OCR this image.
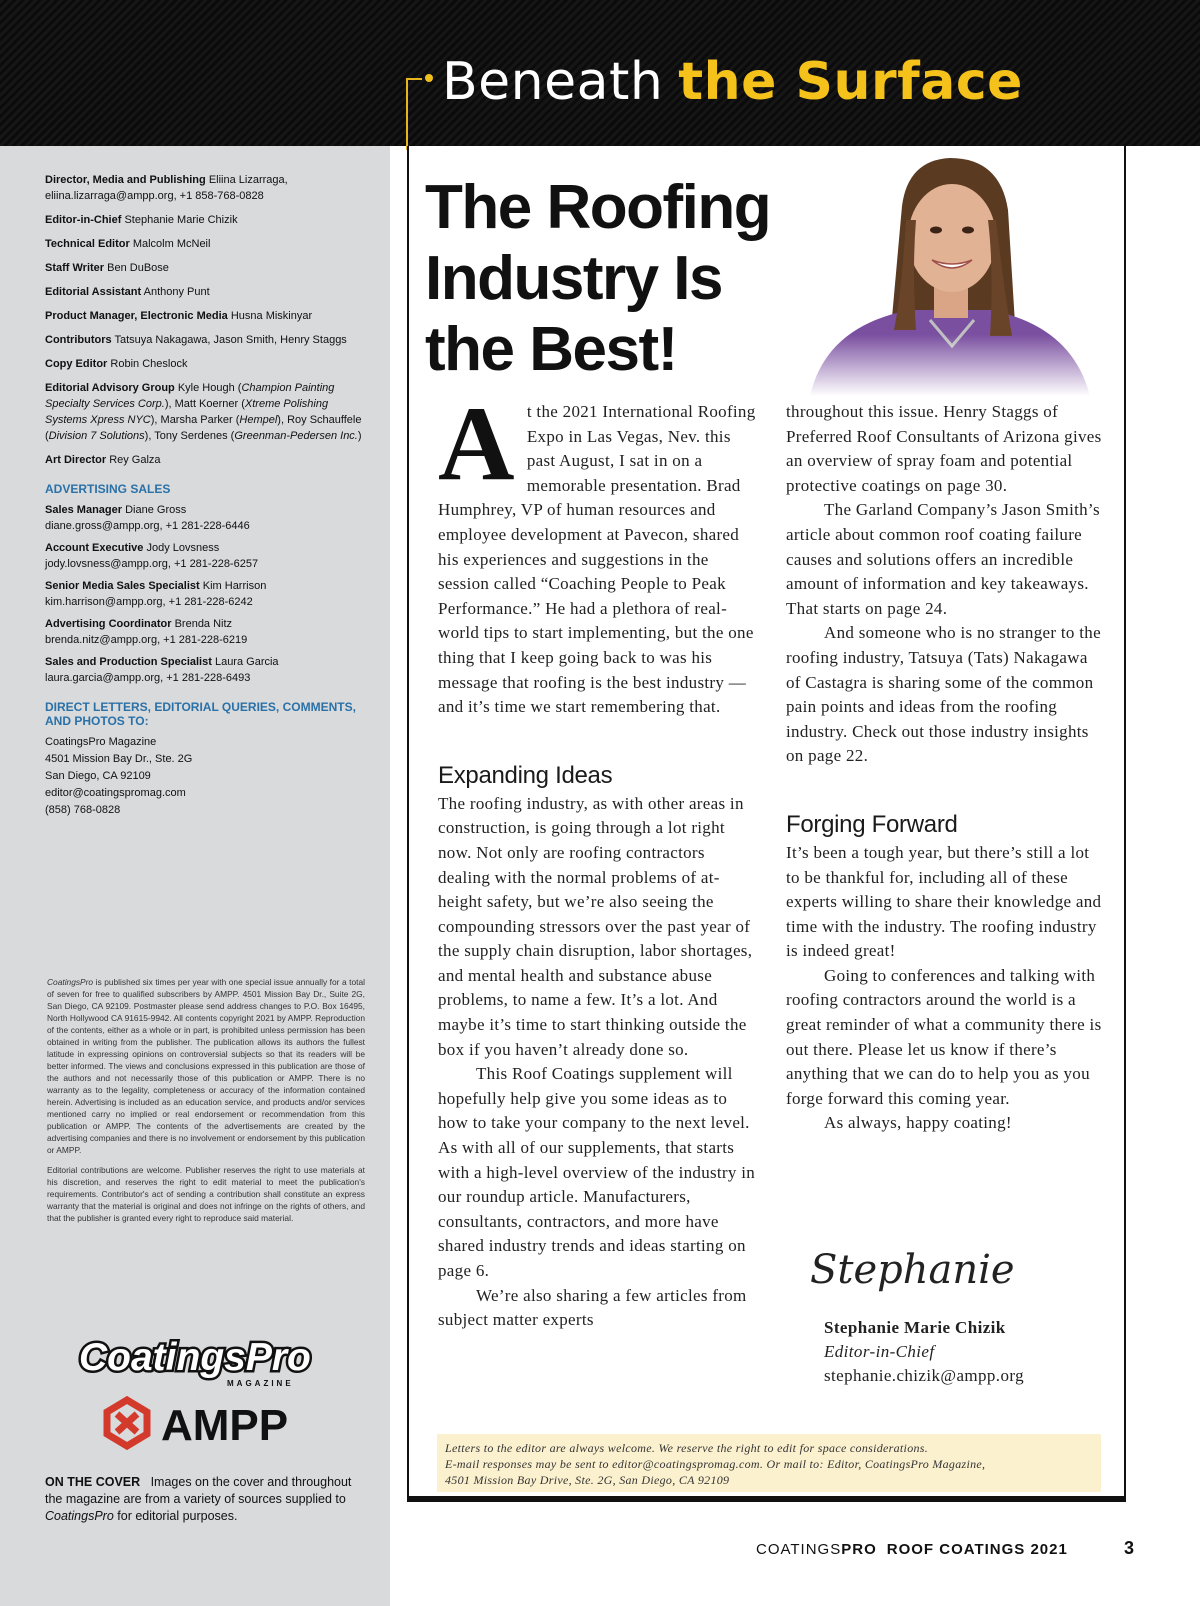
Beneath the Surface
Director, Media and Publishing Eliina Lizarraga,
eliina.lizarraga@ampp.org, +1 858-768-0828
Editor-in-Chief Stephanie Marie Chizik
Technical Editor Malcolm McNeil
Staff Writer Ben DuBose
Editorial Assistant Anthony Punt
Product Manager, Electronic Media Husna Miskinyar
Contributors Tatsuya Nakagawa, Jason Smith, Henry Staggs
Copy Editor Robin Cheslock
Editorial Advisory Group Kyle Hough (Champion Painting Specialty Services Corp.), Matt Koerner (Xtreme Polishing Systems Xpress NYC), Marsha Parker (Hempel), Roy Schauffele (Division 7 Solutions), Tony Serdenes (Greenman-Pedersen Inc.)
Art Director Rey Galza
ADVERTISING SALES
Sales Manager Diane Gross
diane.gross@ampp.org, +1 281-228-6446
Account Executive Jody Lovsness
jody.lovsness@ampp.org, +1 281-228-6257
Senior Media Sales Specialist Kim Harrison
kim.harrison@ampp.org, +1 281-228-6242
Advertising Coordinator Brenda Nitz
brenda.nitz@ampp.org, +1 281-228-6219
Sales and Production Specialist Laura Garcia
laura.garcia@ampp.org, +1 281-228-6493
DIRECT LETTERS, EDITORIAL QUERIES, COMMENTS, AND PHOTOS TO:
CoatingsPro Magazine
4501 Mission Bay Dr., Ste. 2G
San Diego, CA 92109
editor@coatingspromag.com
(858) 768-0828

CoatingsPro is published six times per year with one special issue annually for a total of seven for free to qualified subscribers by AMPP. 4501 Mission Bay Dr., Suite 2G, San Diego, CA 92109. Postmaster please send address changes to P.O. Box 16495, North Hollywood CA 91615-9942. All contents copyright 2021 by AMPP. Reproduction of the contents, either as a whole or in part, is prohibited unless permission has been obtained in writing from the publisher. The publication allows its authors the fullest latitude in expressing opinions on controversial subjects so that its readers will be better informed. The views and conclusions expressed in this publication are those of the authors and not necessarily those of this publication or AMPP. There is no warranty as to the legality, completeness or accuracy of the information contained herein. Advertising is included as an education service, and products and/or services mentioned carry no implied or real endorsement or recommendation from this publication or AMPP. The contents of the advertisements are created by the advertising companies and there is no involvement or endorsement by this publication or AMPP.

Editorial contributions are welcome. Publisher reserves the right to use materials at his discretion, and reserves the right to edit material to meet the publication's requirements. Contributor's act of sending a contribution shall constitute an express warranty that the material is original and does not infringe on the rights of others, and that the publisher is granted every right to reproduce said material.

CoatingsPro
MAGAZINE
AMPP
ON THE COVER Images on the cover and throughout the magazine are from a variety of sources supplied to CoatingsPro for editorial purposes.
The Roofing
Industry Is
the Best!
A t the 2021 International Roofing Expo in Las Vegas, Nev. this past August, I sat in on a memorable presentation. Brad Humphrey, VP of human resources and employee development at Pavecon, shared his experiences and suggestions in the session called “Coaching People to Peak Performance.” He had a plethora of real-world tips to start implementing, but the one thing that I keep going back to was his message that roofing is the best industry — and it’s time we start remembering that.

Expanding Ideas

The roofing industry, as with other areas in construction, is going through a lot right now. Not only are roofing contractors dealing with the normal problems of at-height safety, but we’re also seeing the compounding stressors over the past year of the supply chain disruption, labor shortages, and mental health and substance abuse problems, to name a few. It’s a lot. And maybe it’s time to start thinking outside the box if you haven’t already done so.

This Roof Coatings supplement will hopefully help give you some ideas as to how to take your company to the next level. As with all of our supplements, that starts with a high-level overview of the industry in our roundup article. Manufacturers, consultants, contractors, and more have shared industry trends and ideas starting on page 6.

We’re also sharing a few articles from subject matter experts

throughout this issue. Henry Staggs of Preferred Roof Consultants of Arizona gives an overview of spray foam and potential protective coatings on page 30.

The Garland Company’s Jason Smith’s article about common roof coating failure causes and solutions offers an incredible amount of information and key takeaways. That starts on page 24.

And someone who is no stranger to the roofing industry, Tatsuya (Tats) Nakagawa of Castagra is sharing some of the common pain points and ideas from the roofing industry. Check out those industry insights on page 22.

Forging Forward

It’s been a tough year, but there’s still a lot to be thankful for, including all of these experts willing to share their knowledge and time with the industry. The roofing industry is indeed great!

Going to conferences and talking with roofing contractors around the world is a great reminder of what a community there is out there. Please let us know if there’s anything that we can do to help you as you forge forward this coming year.

As always, happy coating!

Stephanie
Stephanie Marie Chizik
Editor-in-Chief
stephanie.chizik@ampp.org
Letters to the editor are always welcome. We reserve the right to edit for space considerations.
E-mail responses may be sent to editor@coatingspromag.com. Or mail to: Editor, CoatingsPro Magazine,
4501 Mission Bay Drive, Ste. 2G, San Diego, CA 92109
COATINGSPRO ROOF COATINGS 2021	3
